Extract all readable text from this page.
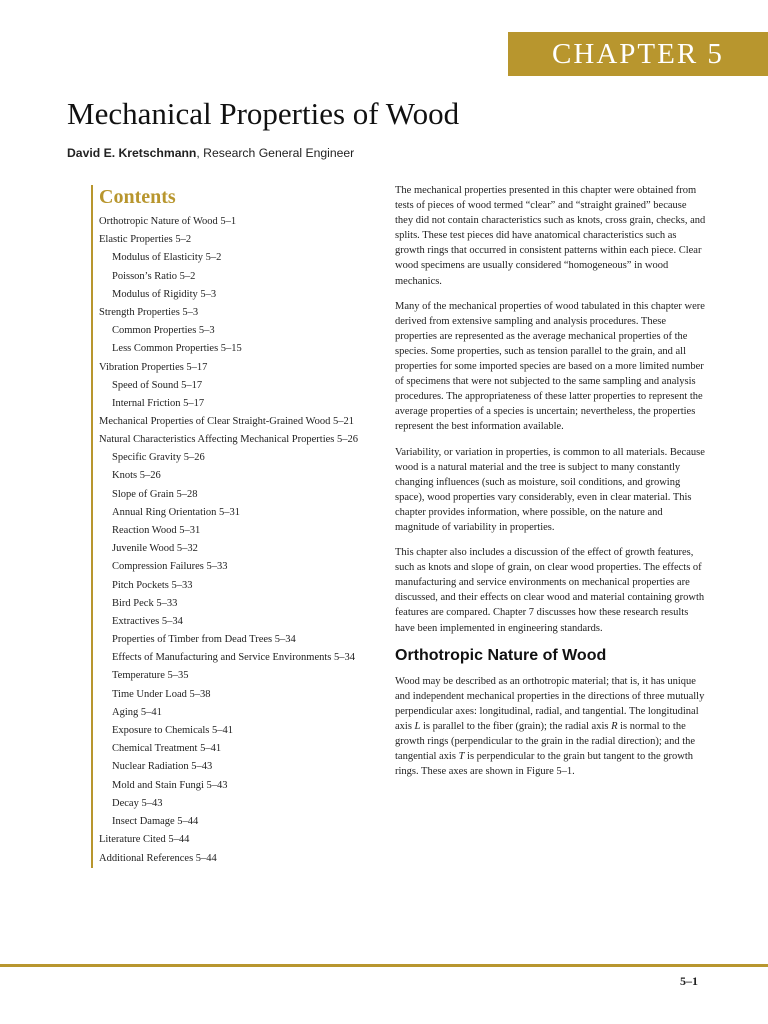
CHAPTER 5
Mechanical Properties of Wood
David E. Kretschmann, Research General Engineer
Contents
Orthotropic Nature of Wood 5–1
Elastic Properties 5–2
Modulus of Elasticity 5–2
Poisson’s Ratio 5–2
Modulus of Rigidity 5–3
Strength Properties 5–3
Common Properties 5–3
Less Common Properties 5–15
Vibration Properties 5–17
Speed of Sound 5–17
Internal Friction 5–17
Mechanical Properties of Clear Straight-Grained Wood 5–21
Natural Characteristics Affecting Mechanical Properties 5–26
Specific Gravity 5–26
Knots 5–26
Slope of Grain 5–28
Annual Ring Orientation 5–31
Reaction Wood 5–31
Juvenile Wood 5–32
Compression Failures 5–33
Pitch Pockets 5–33
Bird Peck 5–33
Extractives 5–34
Properties of Timber from Dead Trees 5–34
Effects of Manufacturing and Service Environments 5–34
Temperature 5–35
Time Under Load 5–38
Aging 5–41
Exposure to Chemicals 5–41
Chemical Treatment 5–41
Nuclear Radiation 5–43
Mold and Stain Fungi 5–43
Decay 5–43
Insect Damage 5–44
Literature Cited 5–44
Additional References 5–44

The mechanical properties presented in this chapter were obtained from tests of pieces of wood termed “clear” and “straight grained” because they did not contain characteristics such as knots, cross grain, checks, and splits. These test pieces did have anatomical characteristics such as growth rings that occurred in consistent patterns within each piece. Clear wood specimens are usually considered “homogeneous” in wood mechanics.

Many of the mechanical properties of wood tabulated in this chapter were derived from extensive sampling and analysis procedures. These properties are represented as the average mechanical properties of the species. Some properties, such as tension parallel to the grain, and all properties for some imported species are based on a more limited number of specimens that were not subjected to the same sampling and analysis procedures. The appropriateness of these latter properties to represent the average properties of a species is uncertain; nevertheless, the properties represent the best information available.

Variability, or variation in properties, is common to all materials. Because wood is a natural material and the tree is subject to many constantly changing influences (such as moisture, soil conditions, and growing space), wood properties vary considerably, even in clear material. This chapter provides information, where possible, on the nature and magnitude of variability in properties.

This chapter also includes a discussion of the effect of growth features, such as knots and slope of grain, on clear wood properties. The effects of manufacturing and service environments on mechanical properties are discussed, and their effects on clear wood and material containing growth features are compared. Chapter 7 discusses how these research results have been implemented in engineering standards.

Orthotropic Nature of Wood

Wood may be described as an orthotropic material; that is, it has unique and independent mechanical properties in the directions of three mutually perpendicular axes: longitudinal, radial, and tangential. The longitudinal axis L is parallel to the fiber (grain); the radial axis R is normal to the growth rings (perpendicular to the grain in the radial direction); and the tangential axis T is perpendicular to the grain but tangent to the growth rings. These axes are shown in Figure 5–1.

5–1
